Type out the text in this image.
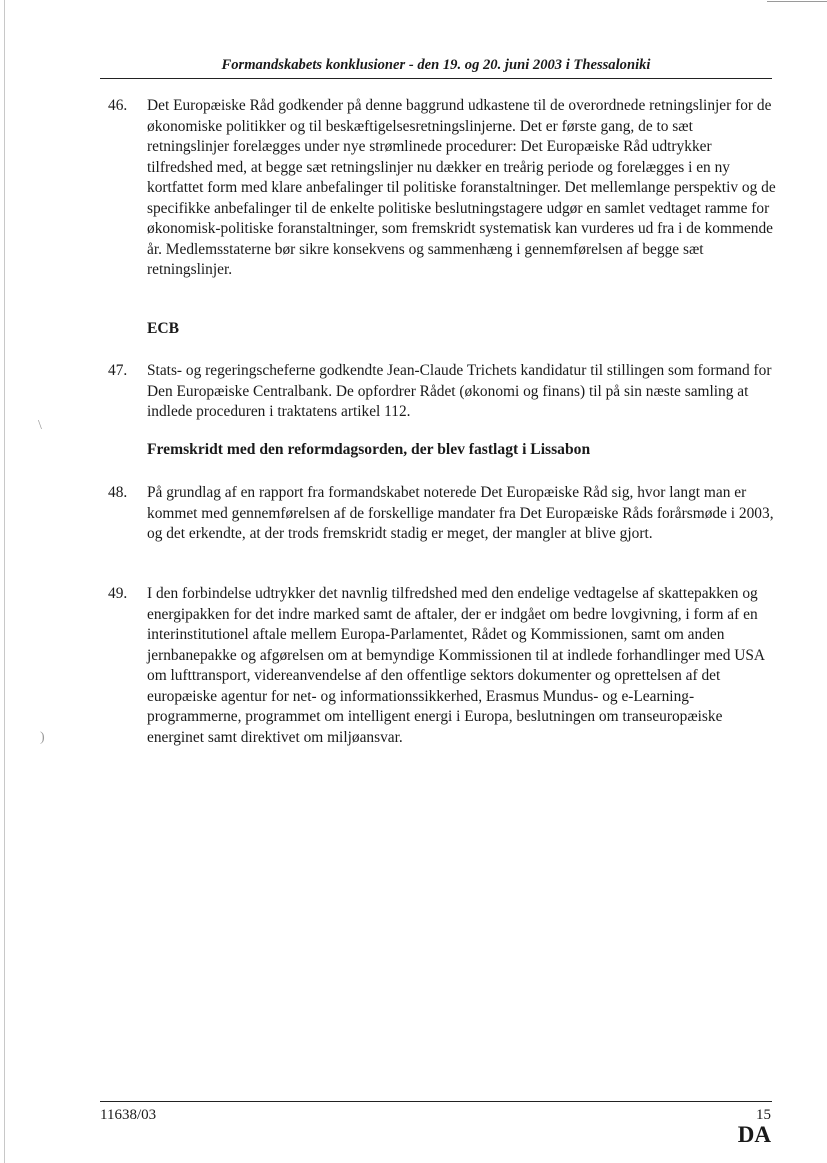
\
)
Formandskabets konklusioner - den 19. og 20. juni 2003 i Thessaloniki
46.	Det Europæiske Råd godkender på denne baggrund udkastene til de overordnede retningslinjer for de økonomiske politikker og til beskæftigelsesretningslinjerne. Det er første gang, de to sæt retningslinjer forelægges under nye strømlinede procedurer: Det Europæiske Råd udtrykker tilfredshed med, at begge sæt retningslinjer nu dækker en treårig periode og forelægges i en ny kortfattet form med klare anbefalinger til politiske foranstaltninger. Det mellemlange perspektiv og de specifikke anbefalinger til de enkelte politiske beslutningstagere udgør en samlet vedtaget ramme for økonomisk-politiske foranstaltninger, som fremskridt systematisk kan vurderes ud fra i de kommende år. Medlemsstaterne bør sikre konsekvens og sammenhæng i gennemførelsen af begge sæt retningslinjer.
ECB
47.	Stats- og regeringscheferne godkendte Jean-Claude Trichets kandidatur til stillingen som formand for Den Europæiske Centralbank. De opfordrer Rådet (økonomi og finans) til på sin næste samling at indlede proceduren i traktatens artikel 112.
Fremskridt med den reformdagsorden, der blev fastlagt i Lissabon
48.	På grundlag af en rapport fra formandskabet noterede Det Europæiske Råd sig, hvor langt man er kommet med gennemførelsen af de forskellige mandater fra Det Europæiske Råds forårsmøde i 2003, og det erkendte, at der trods fremskridt stadig er meget, der mangler at blive gjort.
49.	I den forbindelse udtrykker det navnlig tilfredshed med den endelige vedtagelse af skattepakken og energipakken for det indre marked samt de aftaler, der er indgået om bedre lovgivning, i form af en interinstitutionel aftale mellem Europa-Parlamentet, Rådet og Kommissionen, samt om anden jernbanepakke og afgørelsen om at bemyndige Kommissionen til at indlede forhandlinger med USA om lufttransport, videreanvendelse af den offentlige sektors dokumenter og oprettelsen af det europæiske agentur for net- og informationssikkerhed, Erasmus Mundus- og e-Learning-programmerne, programmet om intelligent energi i Europa, beslutningen om transeuropæiske energinet samt direktivet om miljøansvar.
11638/03	15
DA
